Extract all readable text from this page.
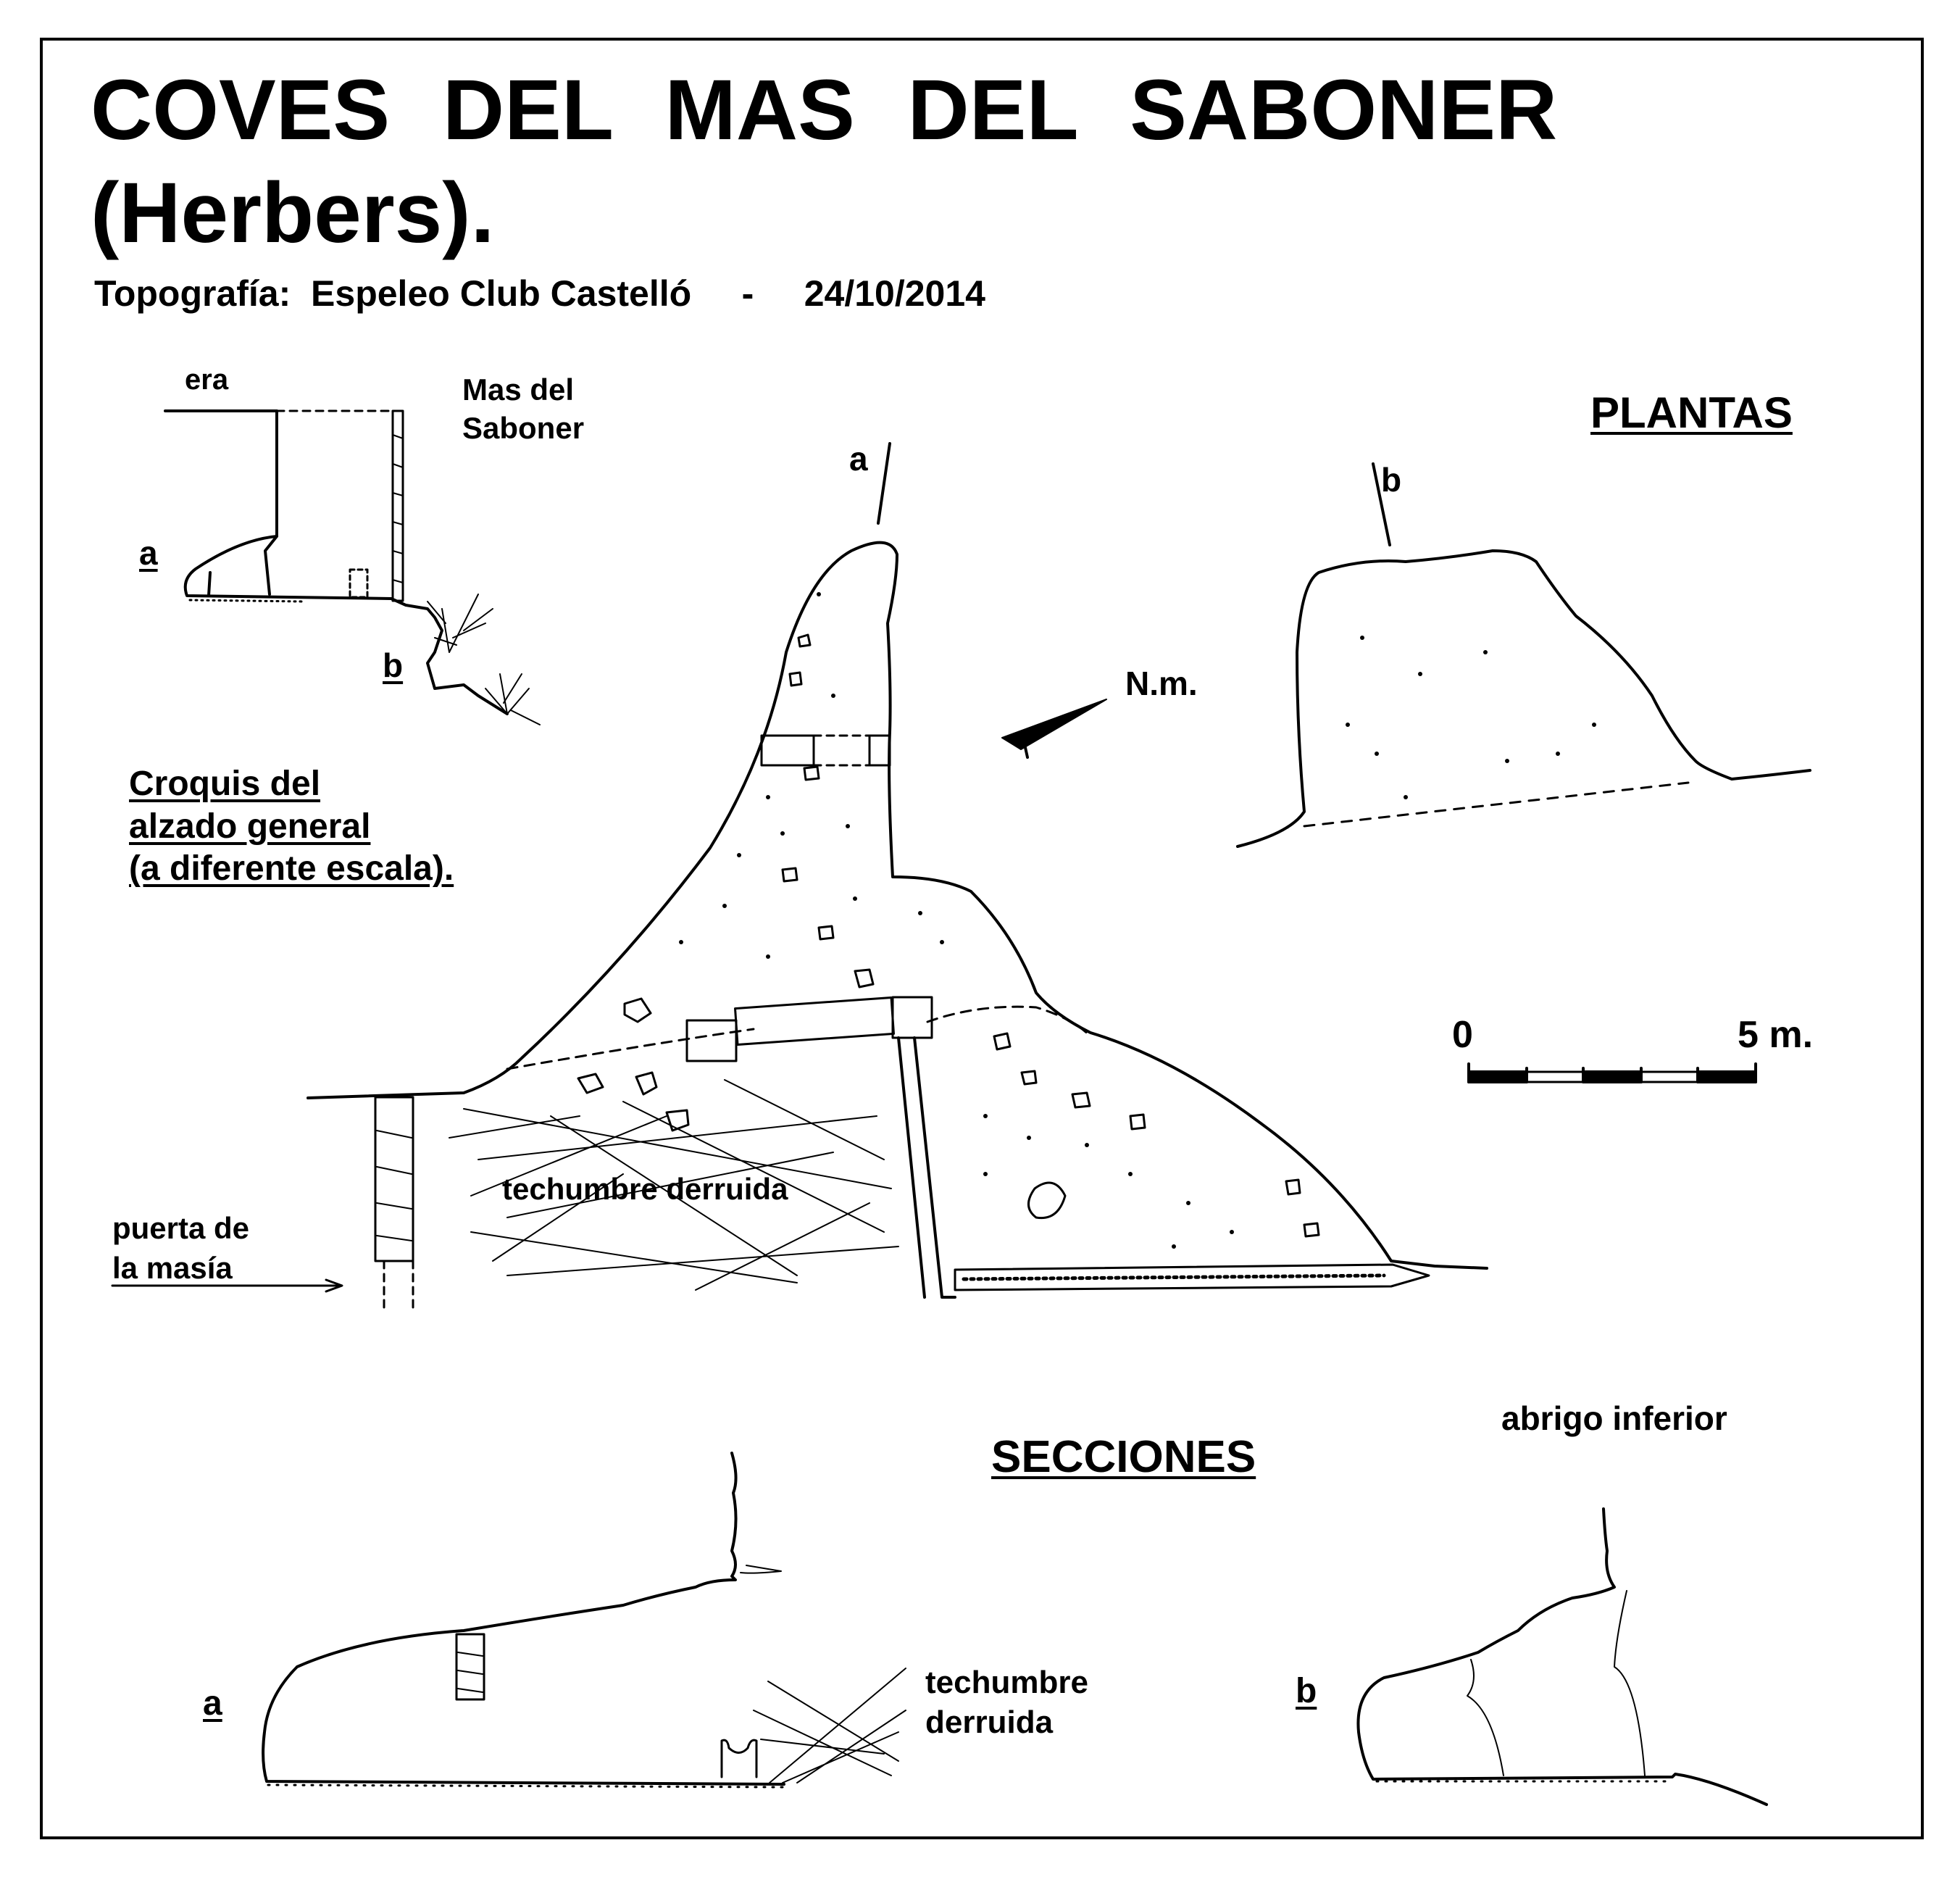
COVES DEL MAS DEL SABONER
(Herbers).
Topografía:  Espeleo Club Castelló     -     24/10/2014
era	Mas del
Saboner
a
b
Croquis del
alzado general
(a diferente escala).
a
b
PLANTAS
N.m.
0	5 m.
techumbre derruida
puerta de
la masía
abrigo inferior
SECCIONES
techumbre
derruida
a	b
